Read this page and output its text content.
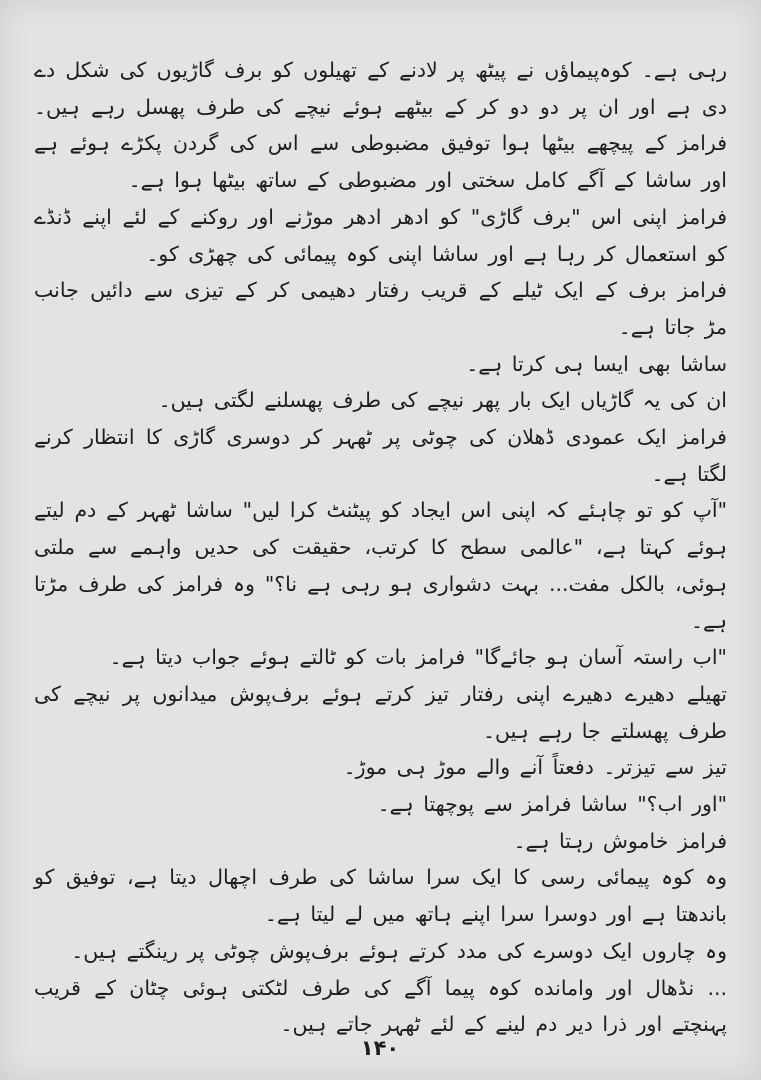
رہی ہے۔ کوہ‌پیماؤں نے پیٹھ پر لادنے کے تھیلوں کو برف گاڑیوں کی شکل دے دی ہے اور ان پر دو دو کر کے بیٹھے ہوئے نیچے کی طرف پھسل رہے ہیں۔ فرامز کے پیچھے بیٹھا ہوا توفیق مضبوطی سے اس کی گردن پکڑے ہوئے ہے اور ساشا کے آگے کامل سختی اور مضبوطی کے ساتھ بیٹھا ہوا ہے۔

فرامز اپنی اس "برف گاڑی" کو ادھر ادھر موڑنے اور روکنے کے لئے اپنے ڈنڈے کو استعمال کر رہا ہے اور ساشا اپنی کوہ پیمائی کی چھڑی کو۔

فرامز برف کے ایک ٹیلے کے قریب رفتار دھیمی کر کے تیزی سے دائیں جانب مڑ جاتا ہے۔

ساشا بھی ایسا ہی کرتا ہے۔

ان کی یہ گاڑیاں ایک بار پھر نیچے کی طرف پھسلنے لگتی ہیں۔

فرامز ایک عمودی ڈھلان کی چوٹی پر ٹھہر کر دوسری گاڑی کا انتظار کرنے لگتا ہے۔

"آپ کو تو چاہئے کہ اپنی اس ایجاد کو پیٹنٹ کرا لیں" ساشا ٹھہر کے دم لیتے ہوئے کہتا ہے، "عالمی سطح کا کرتب، حقیقت کی حدیں واہمے سے ملتی ہوئی، بالکل مفت... بہت دشواری ہو رہی ہے نا؟" وہ فرامز کی طرف مڑتا ہے۔

"اب راستہ آسان ہو جائےگا" فرامز بات کو ٹالتے ہوئے جواب دیتا ہے۔

تھیلے دھیرے دھیرے اپنی رفتار تیز کرتے ہوئے برف‌پوش میدانوں پر نیچے کی طرف پھسلتے جا رہے ہیں۔

تیز سے تیزتر۔ دفعتاً آنے والے موڑ ہی موڑ۔

"اور اب؟" ساشا فرامز سے پوچھتا ہے۔

فرامز خاموش رہتا ہے۔

وہ کوہ پیمائی رسی کا ایک سرا ساشا کی طرف اچھال دیتا ہے، توفیق کو باندھتا ہے اور دوسرا سرا اپنے ہاتھ میں لے لیتا ہے۔

وہ چاروں ایک دوسرے کی مدد کرتے ہوئے برف‌پوش چوٹی پر رینگتے ہیں۔

... نڈھال اور وامانده کوہ پیما آگے کی طرف لٹکتی ہوئی چٹان کے قریب پہنچتے اور ذرا دیر دم لینے کے لئے ٹھہر جاتے ہیں۔

۱۴۰
